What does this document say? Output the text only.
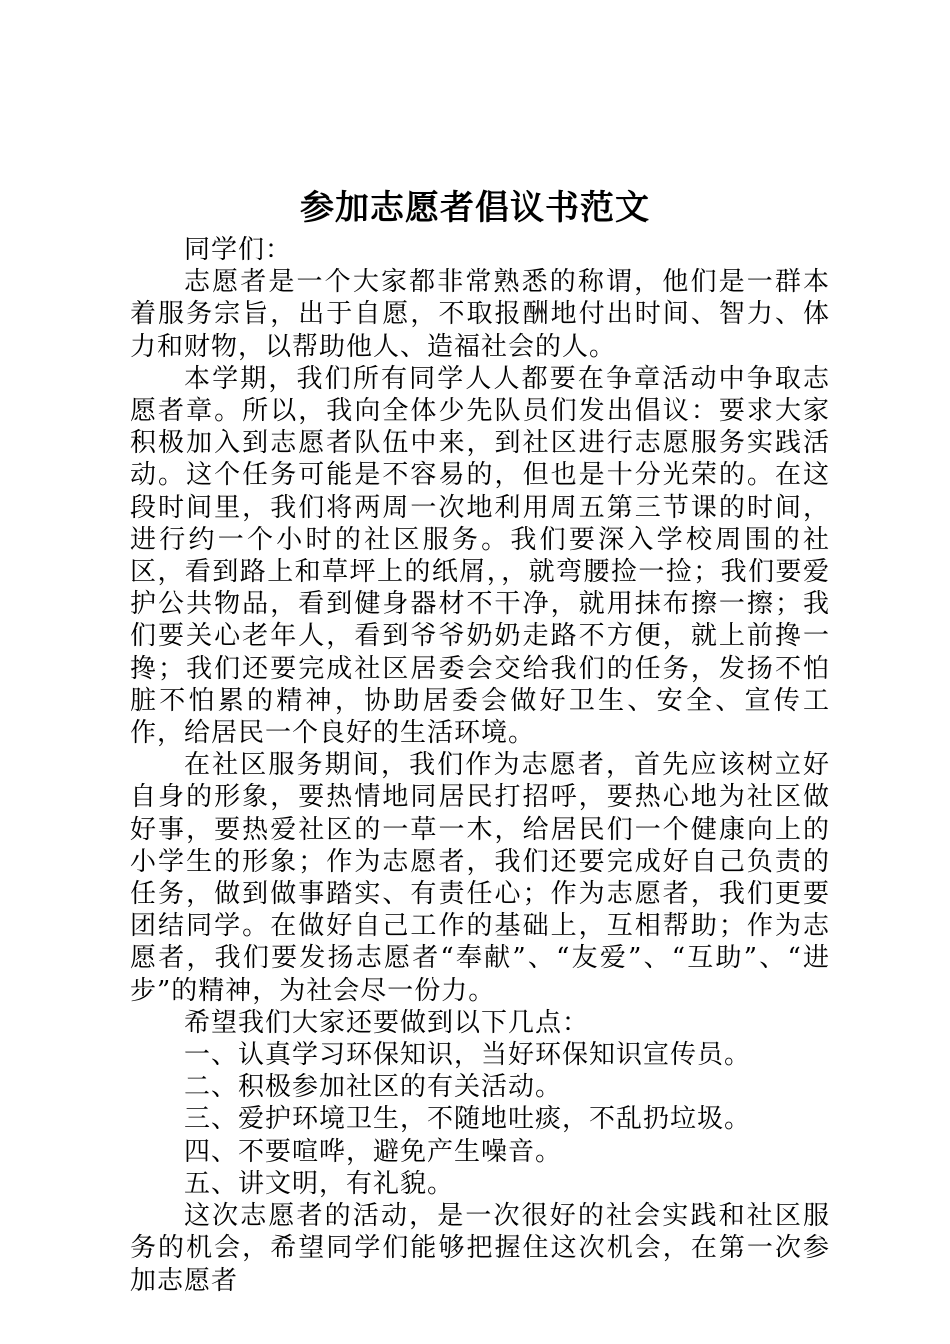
参加志愿者倡议书范文

同学们：

志愿者是一个大家都非常熟悉的称谓，他们是一群本着服务宗旨，出于自愿，不取报酬地付出时间、智力、体力和财物，以帮助他人、造福社会的人。

本学期，我们所有同学人人都要在争章活动中争取志愿者章。所以，我向全体少先队员们发出倡议：要求大家积极加入到志愿者队伍中来，到社区进行志愿服务实践活动。这个任务可能是不容易的，但也是十分光荣的。在这段时间里，我们将两周一次地利用周五第三节课的时间，进行约一个小时的社区服务。我们要深入学校周围的社区，看到路上和草坪上的纸屑，，就弯腰捡一捡；我们要爱护公共物品，看到健身器材不干净，就用抹布擦一擦；我们要关心老年人，看到爷爷奶奶走路不方便，就上前搀一搀；我们还要完成社区居委会交给我们的任务，发扬不怕脏不怕累的精神，协助居委会做好卫生、安全、宣传工作，给居民一个良好的生活环境。

在社区服务期间，我们作为志愿者，首先应该树立好自身的形象，要热情地同居民打招呼，要热心地为社区做好事，要热爱社区的一草一木，给居民们一个健康向上的小学生的形象；作为志愿者，我们还要完成好自己负责的任务，做到做事踏实、有责任心；作为志愿者，我们更要团结同学。在做好自己工作的基础上，互相帮助；作为志愿者，我们要发扬志愿者“奉献”、“友爱”、“互助”、“进步”的精神，为社会尽一份力。

希望我们大家还要做到以下几点：

一、认真学习环保知识，当好环保知识宣传员。

二、积极参加社区的有关活动。

三、爱护环境卫生，不随地吐痰，不乱扔垃圾。

四、不要喧哗，避免产生噪音。

五、讲文明，有礼貌。

这次志愿者的活动，是一次很好的社会实践和社区服务的机会，希望同学们能够把握住这次机会，在第一次参加志愿者
